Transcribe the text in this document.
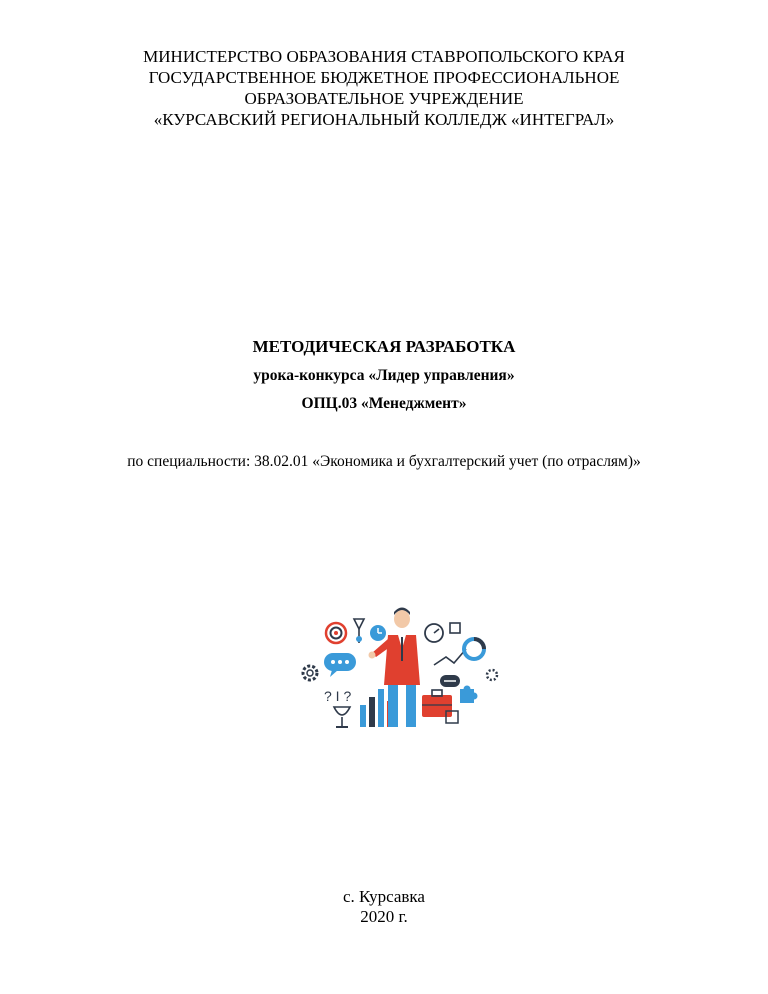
МИНИСТЕРСТВО ОБРАЗОВАНИЯ СТАВРОПОЛЬСКОГО КРАЯ
ГОСУДАРСТВЕННОЕ БЮДЖЕТНОЕ ПРОФЕССИОНАЛЬНОЕ
ОБРАЗОВАТЕЛЬНОЕ УЧРЕЖДЕНИЕ
«КУРСАВСКИЙ РЕГИОНАЛЬНЫЙ КОЛЛЕДЖ «ИНТЕГРАЛ»
МЕТОДИЧЕСКАЯ РАЗРАБОТКА
урока-конкурса «Лидер управления»
ОПЦ.03 «Менеджмент»
по специальности: 38.02.01 «Экономика и бухгалтерский учет (по отраслям)»
? I ?
с. Курсавка
2020 г.
